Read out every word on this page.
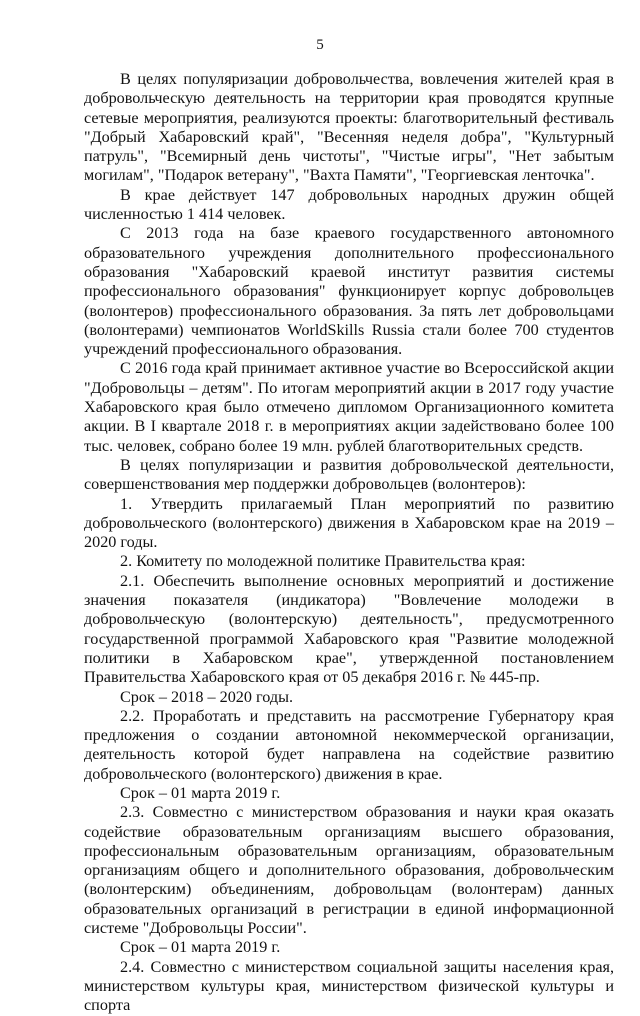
5

В целях популяризации добровольчества, вовлечения жителей края в добровольческую деятельность на территории края проводятся крупные сетевые мероприятия, реализуются проекты: благотворительный фестиваль "Добрый Хабаровский край", "Весенняя неделя добра", "Культурный патруль", "Всемирный день чистоты", "Чистые игры", "Нет забытым могилам", "Подарок ветерану", "Вахта Памяти", "Георгиевская ленточка".

В крае действует 147 добровольных народных дружин общей численностью 1 414 человек.

С 2013 года на базе краевого государственного автономного образовательного учреждения дополнительного профессионального образования "Хабаровский краевой институт развития системы профессионального образования" функционирует корпус добровольцев (волонтеров) профессионального образования. За пять лет добровольцами (волонтерами) чемпионатов WorldSkills Russia стали более 700 студентов учреждений профессионального образования.

С 2016 года край принимает активное участие во Всероссийской акции "Добровольцы – детям". По итогам мероприятий акции в 2017 году участие Хабаровского края было отмечено дипломом Организационного комитета акции. В I квартале 2018 г. в мероприятиях акции задействовано более 100 тыс. человек, собрано более 19 млн. рублей благотворительных средств.

В целях популяризации и развития добровольческой деятельности, совершенствования мер поддержки добровольцев (волонтеров):

1. Утвердить прилагаемый План мероприятий по развитию добровольческого (волонтерского) движения в Хабаровском крае на 2019 – 2020 годы.

2. Комитету по молодежной политике Правительства края:

2.1. Обеспечить выполнение основных мероприятий и достижение значения показателя (индикатора) "Вовлечение молодежи в добровольческую (волонтерскую) деятельность", предусмотренного государственной программой Хабаровского края "Развитие молодежной политики в Хабаровском крае", утвержденной постановлением Правительства Хабаровского края от 05 декабря 2016 г. № 445-пр.

Срок – 2018 – 2020 годы.

2.2. Проработать и представить на рассмотрение Губернатору края предложения о создании автономной некоммерческой организации, деятельность которой будет направлена на содействие развитию добровольческого (волонтерского) движения в крае.

Срок – 01 марта 2019 г.

2.3. Совместно с министерством образования и науки края оказать содействие образовательным организациям высшего образования, профессиональным образовательным организациям, образовательным организациям общего и дополнительного образования, добровольческим (волонтерским) объединениям, добровольцам (волонтерам) данных образовательных организаций в регистрации в единой информационной системе "Добровольцы России".

Срок – 01 марта 2019 г.

2.4. Совместно с министерством социальной защиты населения края, министерством культуры края, министерством физической культуры и спорта
